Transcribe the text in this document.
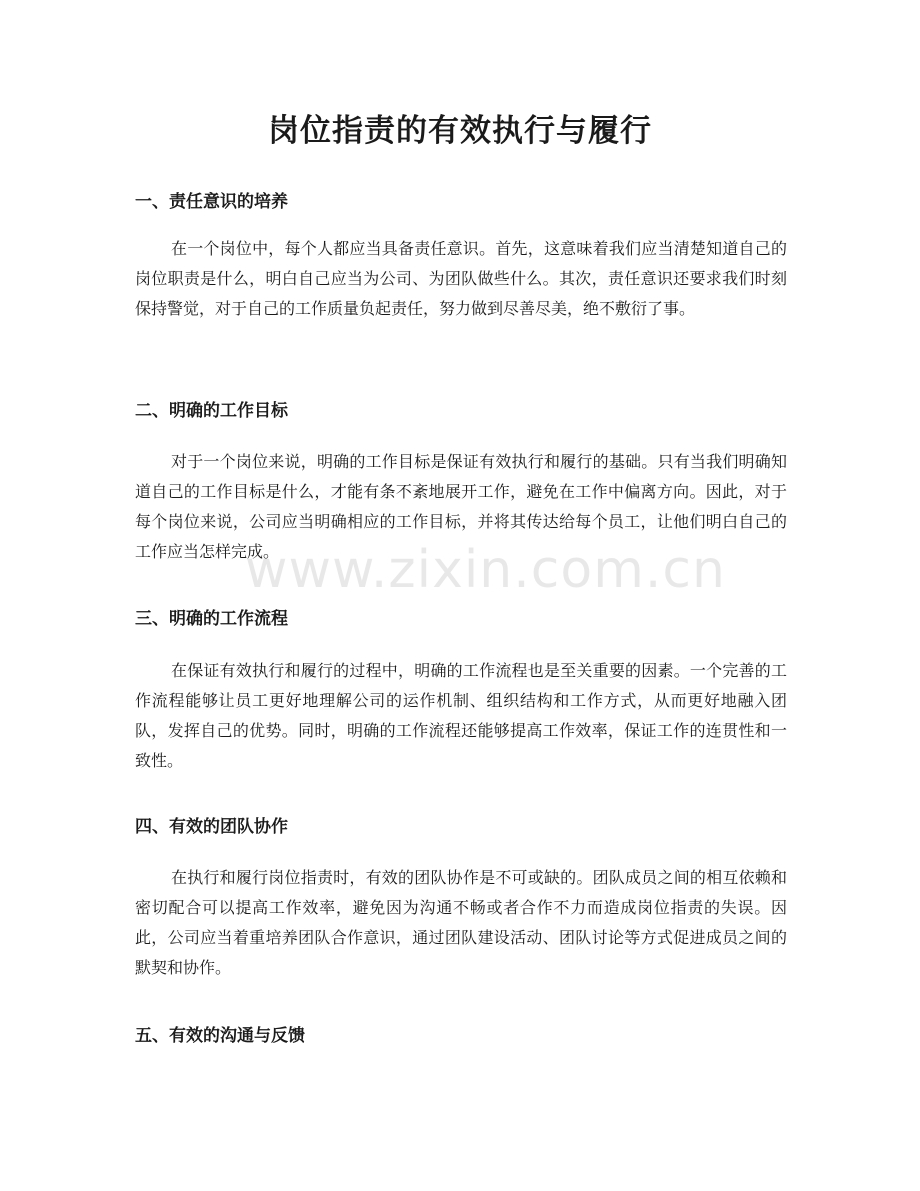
岗位指责的有效执行与履行
一、责任意识的培养

在一个岗位中，每个人都应当具备责任意识。首先，这意味着我们应当清楚知道自己的岗位职责是什么，明白自己应当为公司、为团队做些什么。其次，责任意识还要求我们时刻保持警觉，对于自己的工作质量负起责任，努力做到尽善尽美，绝不敷衍了事。

二、明确的工作目标

对于一个岗位来说，明确的工作目标是保证有效执行和履行的基础。只有当我们明确知道自己的工作目标是什么，才能有条不紊地展开工作，避免在工作中偏离方向。因此，对于每个岗位来说，公司应当明确相应的工作目标，并将其传达给每个员工，让他们明白自己的工作应当怎样完成。

三、明确的工作流程

在保证有效执行和履行的过程中，明确的工作流程也是至关重要的因素。一个完善的工作流程能够让员工更好地理解公司的运作机制、组织结构和工作方式，从而更好地融入团队，发挥自己的优势。同时，明确的工作流程还能够提高工作效率，保证工作的连贯性和一致性。

四、有效的团队协作

在执行和履行岗位指责时，有效的团队协作是不可或缺的。团队成员之间的相互依赖和密切配合可以提高工作效率，避免因为沟通不畅或者合作不力而造成岗位指责的失误。因此，公司应当着重培养团队合作意识，通过团队建设活动、团队讨论等方式促进成员之间的默契和协作。

五、有效的沟通与反馈
www.zixin.com.cn
